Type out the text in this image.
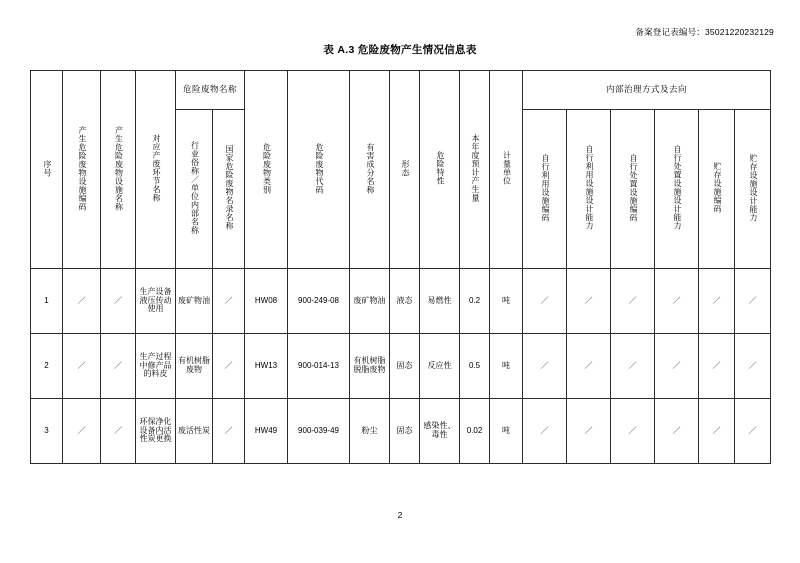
备案登记表编号：35021220232129
表 A.3 危险废物产生情况信息表
序号	产生危险废物设施编码	产生危险废物设施名称	对应产废环节名称	危险废物名称		危险废物类别	危险废物代码	有害成分名称	形态	危险特性	本年度预计产生量	计量单位	内部治理方式及去向					
				行业俗称／单位内部名称	国家危险废物名录名称								自行利用设施编码	自行利用设施设计能力	自行处置设施编码	自行处置设施设计能力	贮存设施编码	贮存设施设计能力
1	／	／	生产设备液压传动使用	废矿物油	／	HW08	900-249-08	废矿物油	液态	易燃性	0.2	吨	／	／	／	／	／	／
2	／	／	生产过程中修产品的料皮	有机树脂废物	／	HW13	900-014-13	有机树脂脱脂废物	固态	反应性	0.5	吨	／	／	／	／	／	／
3	／	／	环保净化设备内活性炭更换	废活性炭	／	HW49	900-039-49	粉尘	固态	感染性、毒性	0.02	吨	／	／	／	／	／	／
2
